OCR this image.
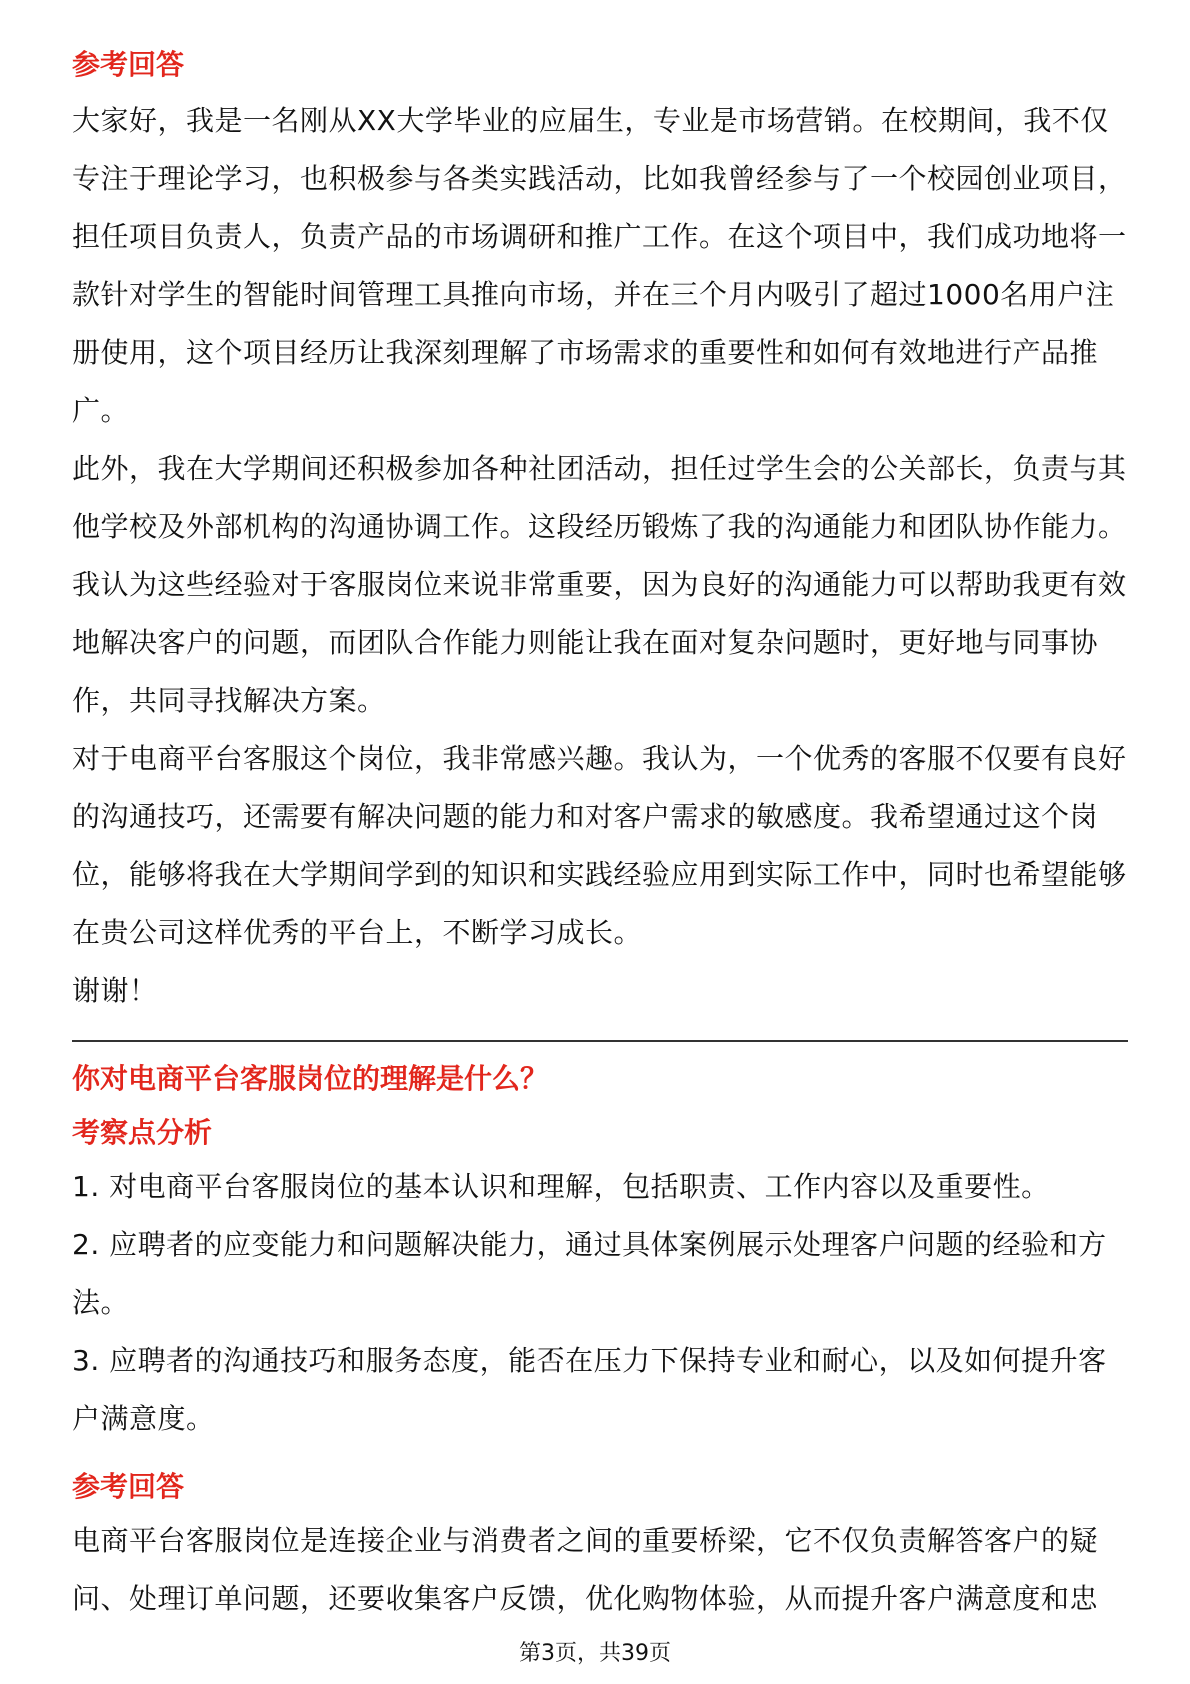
参考回答

大家好，我是一名刚从XX大学毕业的应届生，专业是市场营销。在校期间，我不仅专注于理论学习，也积极参与各类实践活动，比如我曾经参与了一个校园创业项目，担任项目负责人，负责产品的市场调研和推广工作。在这个项目中，我们成功地将一款针对学生的智能时间管理工具推向市场，并在三个月内吸引了超过1000名用户注册使用，这个项目经历让我深刻理解了市场需求的重要性和如何有效地进行产品推广。

此外，我在大学期间还积极参加各种社团活动，担任过学生会的公关部长，负责与其他学校及外部机构的沟通协调工作。这段经历锻炼了我的沟通能力和团队协作能力。我认为这些经验对于客服岗位来说非常重要，因为良好的沟通能力可以帮助我更有效地解决客户的问题，而团队合作能力则能让我在面对复杂问题时，更好地与同事协作，共同寻找解决方案。

对于电商平台客服这个岗位，我非常感兴趣。我认为，一个优秀的客服不仅要有良好的沟通技巧，还需要有解决问题的能力和对客户需求的敏感度。我希望通过这个岗位，能够将我在大学期间学到的知识和实践经验应用到实际工作中，同时也希望能够在贵公司这样优秀的平台上，不断学习成长。

谢谢！

你对电商平台客服岗位的理解是什么？

考察点分析

1. 对电商平台客服岗位的基本认识和理解，包括职责、工作内容以及重要性。

2. 应聘者的应变能力和问题解决能力，通过具体案例展示处理客户问题的经验和方法。

3. 应聘者的沟通技巧和服务态度，能否在压力下保持专业和耐心，以及如何提升客户满意度。

参考回答

电商平台客服岗位是连接企业与消费者之间的重要桥梁，它不仅负责解答客户的疑问、处理订单问题，还要收集客户反馈，优化购物体验，从而提升客户满意度和忠

第3页，共39页
